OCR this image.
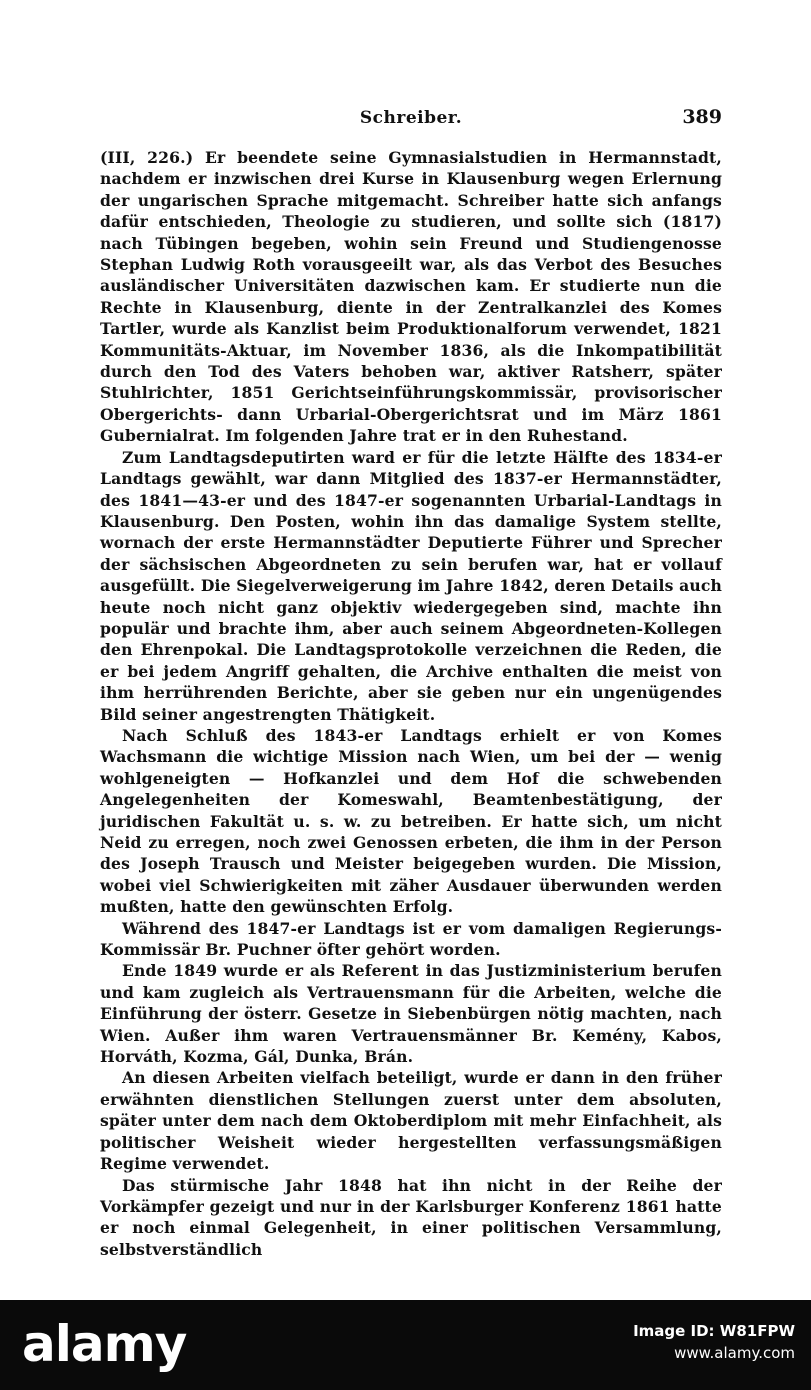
Schreiber.	389

(III, 226.) Er beendete seine Gymnasialstudien in Hermannstadt, nachdem er inzwischen drei Kurse in Klausenburg wegen Erlernung der ungarischen Sprache mitgemacht. Schreiber hatte sich anfangs dafür entschieden, Theologie zu studieren, und sollte sich (1817) nach Tübingen begeben, wohin sein Freund und Studiengenosse Stephan Ludwig Roth vorausgeeilt war, als das Verbot des Besuches ausländischer Universitäten dazwischen kam. Er studierte nun die Rechte in Klausenburg, diente in der Zentralkanzlei des Komes Tartler, wurde als Kanzlist beim Produktionalforum verwendet, 1821 Kommunitäts-Aktuar, im November 1836, als die Inkompatibilität durch den Tod des Vaters behoben war, aktiver Ratsherr, später Stuhlrichter, 1851 Gerichtseinführungskommissär, provisorischer Obergerichts- dann Urbarial-Obergerichtsrat und im März 1861 Gubernialrat. Im folgenden Jahre trat er in den Ruhestand.

Zum Landtagsdeputirten ward er für die letzte Hälfte des 1834-er Landtags gewählt, war dann Mitglied des 1837-er Hermannstädter, des 1841—43-er und des 1847-er sogenannten Urbarial-Landtags in Klausenburg. Den Posten, wohin ihn das damalige System stellte, wornach der erste Hermannstädter Deputierte Führer und Sprecher der sächsischen Abgeordneten zu sein berufen war, hat er vollauf ausgefüllt. Die Siegelverweigerung im Jahre 1842, deren Details auch heute noch nicht ganz objektiv wiedergegeben sind, machte ihn populär und brachte ihm, aber auch seinem Abgeordneten-Kollegen den Ehrenpokal. Die Landtagsprotokolle verzeichnen die Reden, die er bei jedem Angriff gehalten, die Archive enthalten die meist von ihm herrührenden Berichte, aber sie geben nur ein ungenügendes Bild seiner angestrengten Thätigkeit.

Nach Schluß des 1843-er Landtags erhielt er von Komes Wachsmann die wichtige Mission nach Wien, um bei der — wenig wohlgeneigten — Hofkanzlei und dem Hof die schwebenden Angelegenheiten der Komeswahl, Beamtenbestätigung, der juridischen Fakultät u. s. w. zu betreiben. Er hatte sich, um nicht Neid zu erregen, noch zwei Genossen erbeten, die ihm in der Person des Joseph Trausch und Meister beigegeben wurden. Die Mission, wobei viel Schwierigkeiten mit zäher Ausdauer überwunden werden mußten, hatte den gewünschten Erfolg.

Während des 1847-er Landtags ist er vom damaligen Regierungs-Kommissär Br. Puchner öfter gehört worden.

Ende 1849 wurde er als Referent in das Justizministerium berufen und kam zugleich als Vertrauensmann für die Arbeiten, welche die Einführung der österr. Gesetze in Siebenbürgen nötig machten, nach Wien. Außer ihm waren Vertrauensmänner Br. Kemény, Kabos, Horváth, Kozma, Gál, Dunka, Brán.

An diesen Arbeiten vielfach beteiligt, wurde er dann in den früher erwähnten dienstlichen Stellungen zuerst unter dem absoluten, später unter dem nach dem Oktoberdiplom mit mehr Einfachheit, als politischer Weisheit wieder hergestellten verfassungsmäßigen Regime verwendet.

Das stürmische Jahr 1848 hat ihn nicht in der Reihe der Vorkämpfer gezeigt und nur in der Karlsburger Konferenz 1861 hatte er noch einmal Gelegenheit, in einer politischen Versammlung, selbstverständlich

alamy	Image ID: W81FPW
www.alamy.com
